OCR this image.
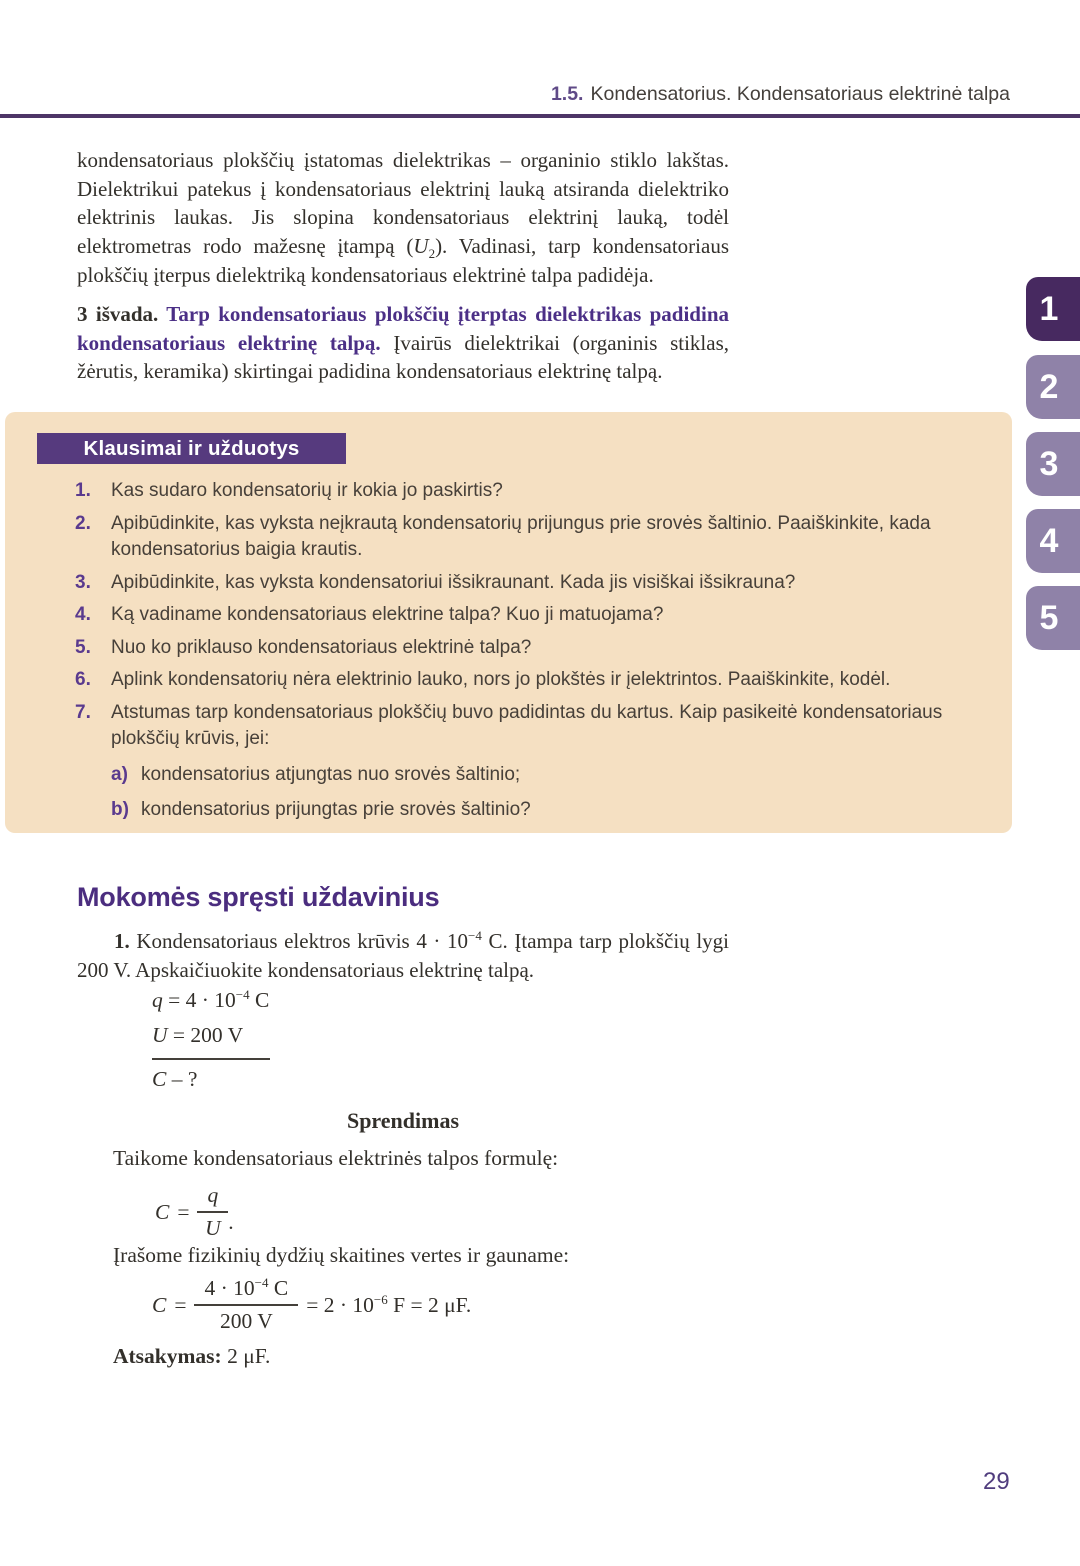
1.5. Kondensatorius. Kondensatoriaus elektrinė talpa

kondensatoriaus plokščių įstatomas dielektrikas – organinio stiklo lakštas. Dielektrikui patekus į kondensatoriaus elektrinį lauką atsiranda dielektriko elektrinis laukas. Jis slopina kondensatoriaus elektrinį lauką, todėl elektrometras rodo mažesnę įtampą $(U_2)$. Vadinasi, tarp kondensatoriaus plokščių įterpus dielektriką kondensatoriaus elektrinė talpa padidėja.

3 išvada. Tarp kondensatoriaus plokščių įterptas dielektrikas padidina kondensatoriaus elektrinę talpą. Įvairūs dielektrikai (organinis stiklas, žėrutis, keramika) skirtingai padidina kondensatoriaus elektrinę talpą.

Klausimai ir užduotys
1.	Kas sudaro kondensatorių ir kokia jo paskirtis?
2.	Apibūdinkite, kas vyksta neįkrautą kondensatorių prijungus prie srovės šaltinio. Paaiškinkite, kada kondensatorius baigia krautis.
3.	Apibūdinkite, kas vyksta kondensatoriui išsikraunant. Kada jis visiškai išsikrauna?
4.	Ką vadiname kondensatoriaus elektrine talpa? Kuo ji matuojama?
5.	Nuo ko priklauso kondensatoriaus elektrinė talpa?
6.	Aplink kondensatorių nėra elektrinio lauko, nors jo plokštės ir įelektrintos. Paaiškinkite, kodėl.
7.	Atstumas tarp kondensatoriaus plokščių buvo padidintas du kartus. Kaip pasikeitė kondensatoriaus plokščių krūvis, jei:
a) kondensatorius atjungtas nuo srovės šaltinio;
b) kondensatorius prijungtas prie srovės šaltinio?
1
2
3
4
5
Mokomės spręsti uždavinius

1. Kondensatoriaus elektros krūvis $4 \cdot 10^{-4}$ C. Įtampa tarp plokščių lygi 200 V. Apskaičiuokite kondensatoriaus elektrinę talpą.

$q = 4 \cdot 10^{-4}$ C
U = 200 V
C – ?

Sprendimas

Taikome kondensatoriaus elektrinės talpos formulę:

$C = \frac{q}{U}$ .

Įrašome fizikinių dydžių skaitines vertes ir gauname:

$C = \frac{4 \cdot 10^{-4} C}{200 V} = 2 \cdot 10^{-6}$ F = 2 μF.

Atsakymas: 2 μF.

29
